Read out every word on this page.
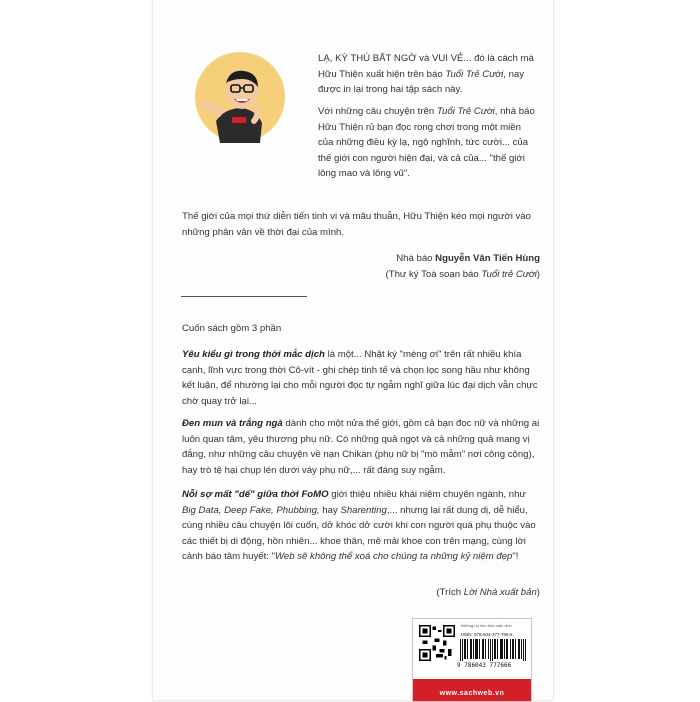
LẠ, KỲ THÚ BẤT NGỜ và VUI VẺ... đó là cách mà Hữu Thiện xuất hiện trên báo Tuổi Trẻ Cười, nay được in lại trong hai tập sách này.

Với những câu chuyện trên Tuổi Trẻ Cười, nhà báo Hữu Thiện rủ bạn đọc rong chơi trong một miền của những điều kỳ lạ, ngộ nghĩnh, tức cười... của thế giới con người hiện đại, và cả của... "thế giới lông mao và lông vũ".

Thế giới của mọi thứ diễn tiến tinh vi và mâu thuẫn, Hữu Thiện kéo mọi người vào những phân vân về thời đại của mình.

Nhà báo Nguyễn Văn Tiến Hùng

(Thư ký Toà soạn báo Tuổi trẻ Cười)

Cuốn sách gồm 3 phần

Yêu kiểu gì trong thời mắc dịch là một... Nhật ký "mèng ơi" trên rất nhiều khía cạnh, lĩnh vực trong thời Cô-vít - ghi chép tinh tế và chọn lọc song hầu như không kết luận, để nhường lại cho mỗi người đọc tự ngẫm nghĩ giữa lúc đại dịch vẫn chực chờ quay trở lại...

Đen mun và trắng ngà dành cho một nửa thế giới, gồm cả bạn đọc nữ và những ai luôn quan tâm, yêu thương phụ nữ. Có những quả ngọt và cả những quả mang vị đắng, như những câu chuyện về nạn Chikan (phụ nữ bị "mò mẫm" nơi công cộng), hay trò tệ hại chụp lén dưới váy phụ nữ,... rất đáng suy ngẫm.

Nỗi sợ mất "dế" giữa thời FoMO giới thiệu nhiều khái niệm chuyên ngành, như Big Data, Deep Fake, Phubbing, hay Sharenting,... nhưng lại rất dung dị, dễ hiểu, cùng nhiều câu chuyện lôi cuốn, dở khóc dở cười khi con người quá phụ thuộc vào các thiết bị di động, hồn nhiên... khoe thân, mê mải khoe con trên mạng, cùng lời cảnh báo tâm huyết: "Web sẽ không thể xoá cho chúng ta những kỷ niệm đẹp"!

(Trích Lời Nhà xuất bản)

Những nụ hôn thời mắc dịch
ISBN: 978-604-377-766-5
9 786043 777666
www.sachweb.vn
